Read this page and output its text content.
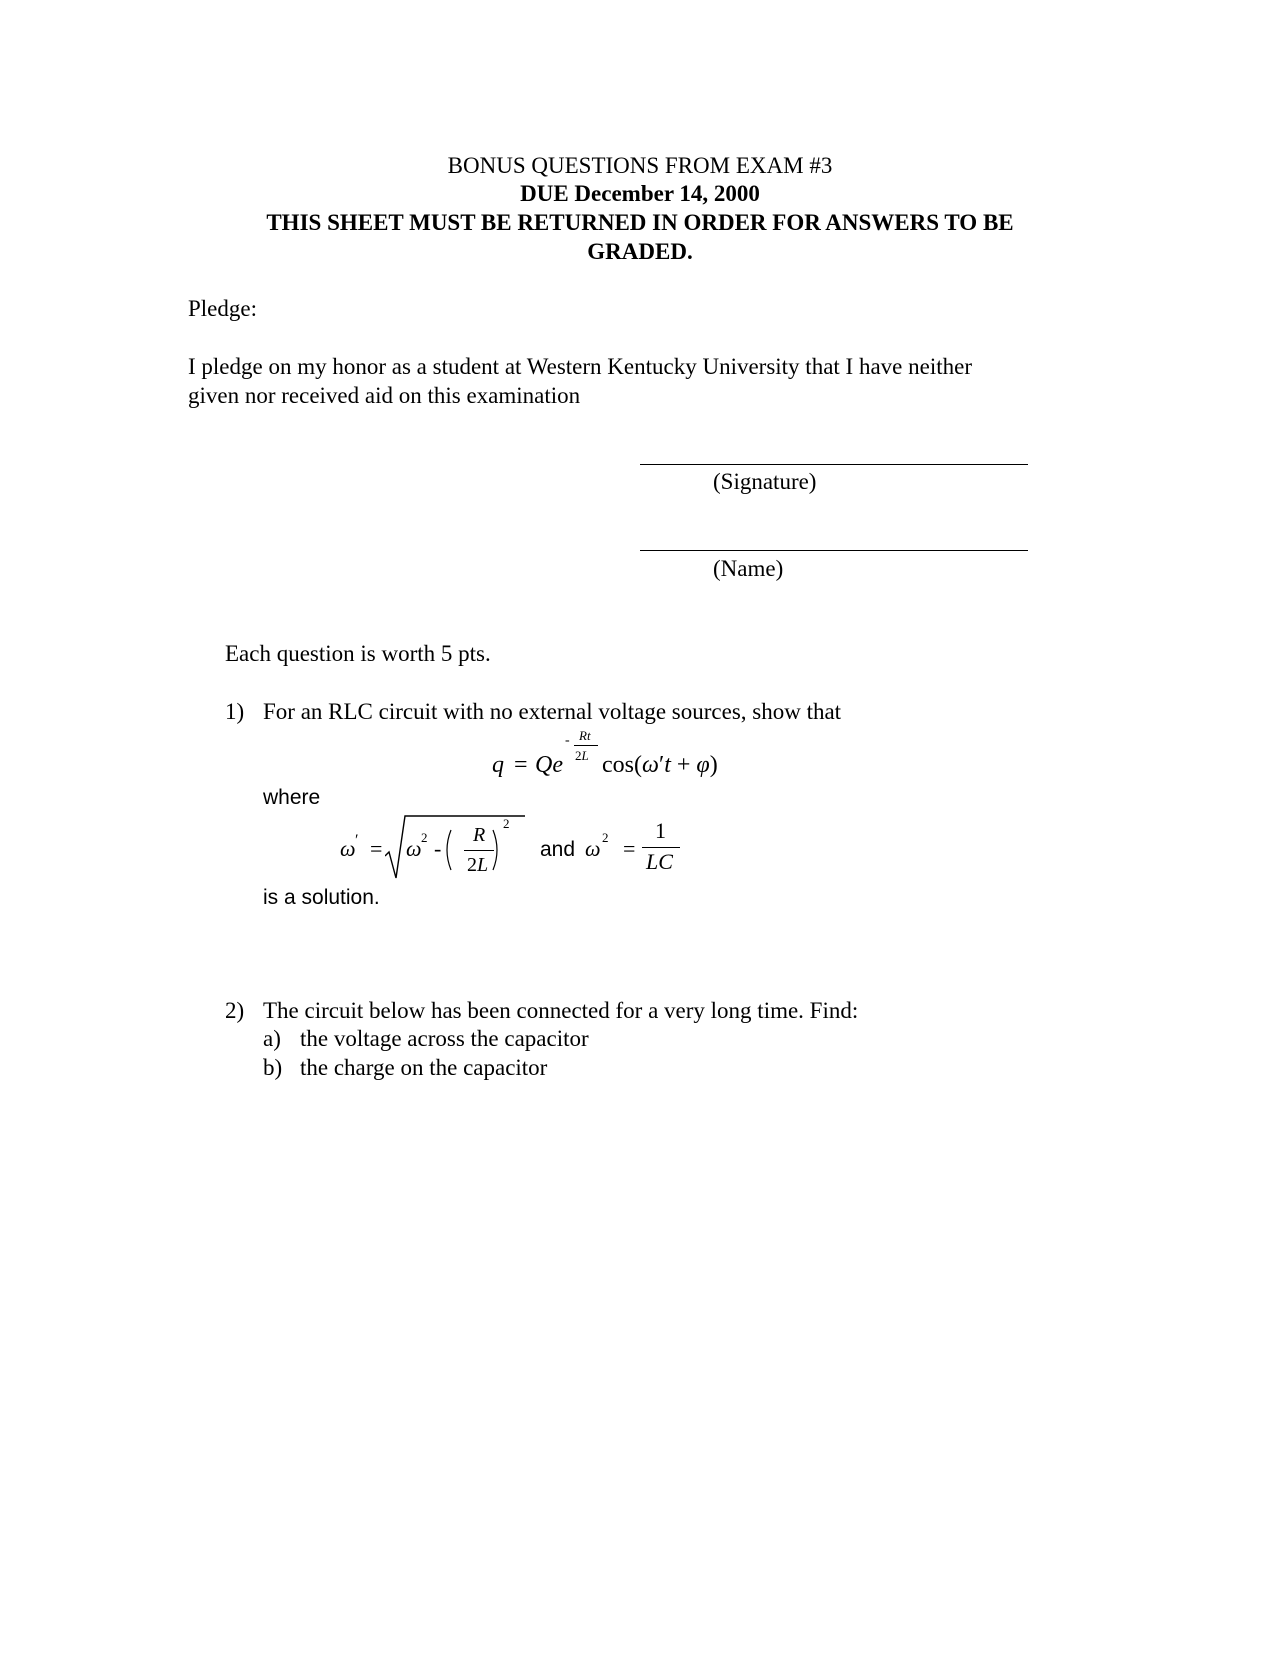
BONUS QUESTIONS FROM EXAM #3
DUE December 14, 2000
THIS SHEET MUST BE RETURNED IN ORDER FOR ANSWERS TO BE
GRADED.
Pledge:
I pledge on my honor as a student at Western Kentucky University that I have neither
given nor received aid on this examination
(Signature)
(Name)
Each question is worth 5 pts.
1) For an RLC circuit with no external voltage sources, show that
q = Qe
- Rt
2L cos(ω′t + φ)
where
ω ′ = ω 2 -
R
2L
2
and ω 2 =
1
LC
is a solution.
2) The circuit below has been connected for a very long time. Find:
a) the voltage across the capacitor
b) the charge on the capacitor
